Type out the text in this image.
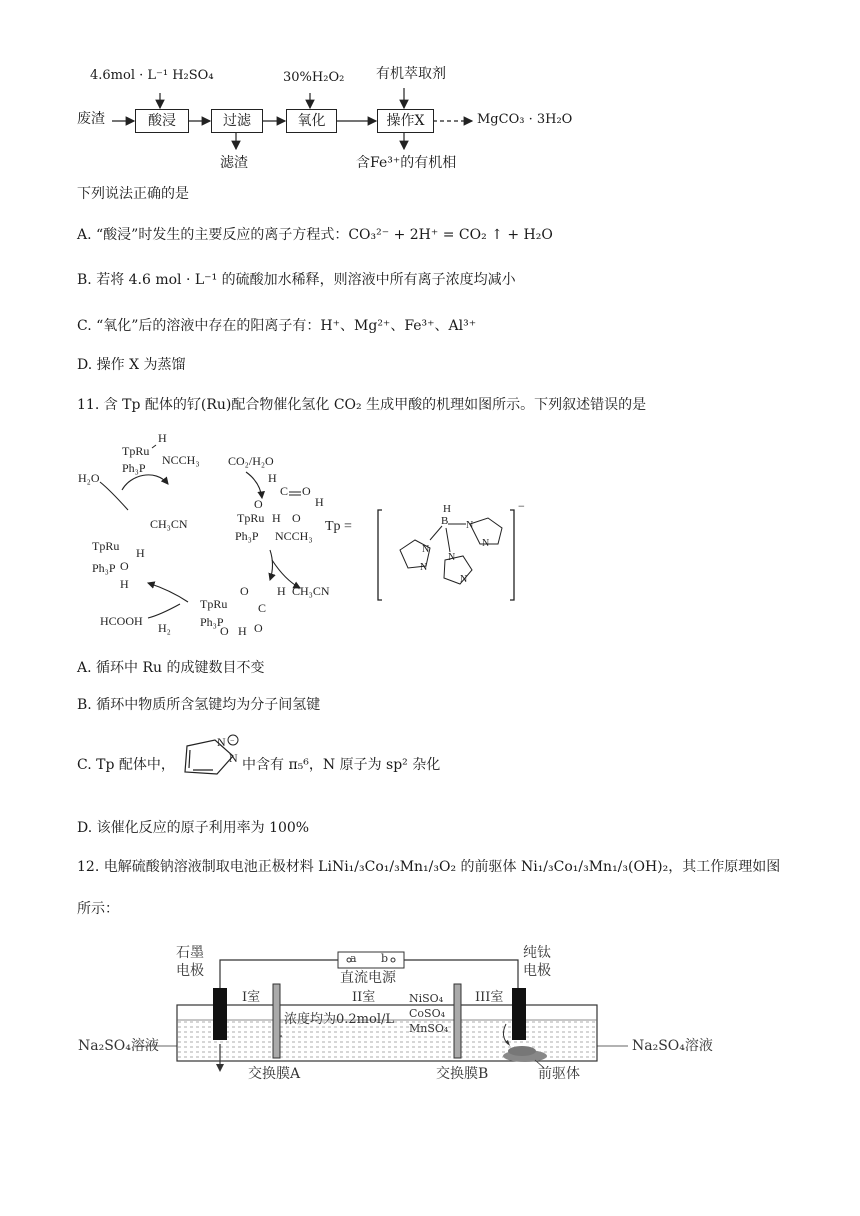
4.6mol · L⁻¹ H₂SO₄	30%H₂O₂ 有机萃取剂
废渣	酸浸	过滤	氧化	操作X	MgCO₃ · 3H₂O
滤渣	含Fe³⁺的有机相
下列说法正确的是
A. “酸浸”时发生的主要反应的离子方程式：CO₃²⁻ + 2H⁺ = CO₂ ↑ + H₂O
B. 若将 4.6 mol · L⁻¹ 的硫酸加水稀释，则溶液中所有离子浓度均减小
C. “氧化”后的溶液中存在的阳离子有：H⁺、Mg²⁺、Fe³⁺、Al³⁺
D. 操作 X 为蒸馏
11. 含 Tp 配体的钌(Ru)配合物催化氢化 CO₂ 生成甲酸的机理如图所示。下列叙述错误的是
TpRu
H
Ph₃P
NCCH₃
H₂O
CH₃CN
CO₂/H₂O
H
C O
H
O
H O
TpRu
Ph₃P NCCH₃
TpRu H
Ph₃P O
H	O H
C
TpRu
Ph₃P
O H O
H₂
HCOOH
CH₃CN
Tp =
−
B
H
N
N
N
N
N
N
A. 循环中 Ru 的成键数目不变
B. 循环中物质所含氢键均为分子间氢键
C. Tp 配体中，
N −
N 中含有 π₅⁶，N 原子为 sp² 杂化
D. 该催化反应的原子利用率为 100%
12. 电解硫酸钠溶液制取电池正极材料 LiNi₁/₃Co₁/₃Mn₁/₃O₂ 的前驱体 Ni₁/₃Co₁/₃Mn₁/₃(OH)₂，其工作原理如图
所示：
石墨
电极
纯钛
电极
a b
直流电源
I室	II室	III室
NiSO₄
CoSO₄
MnSO₄
浓度均为0.2mol/L
Na₂SO₄溶液	Na₂SO₄溶液
交换膜A	交换膜B	前驱体
